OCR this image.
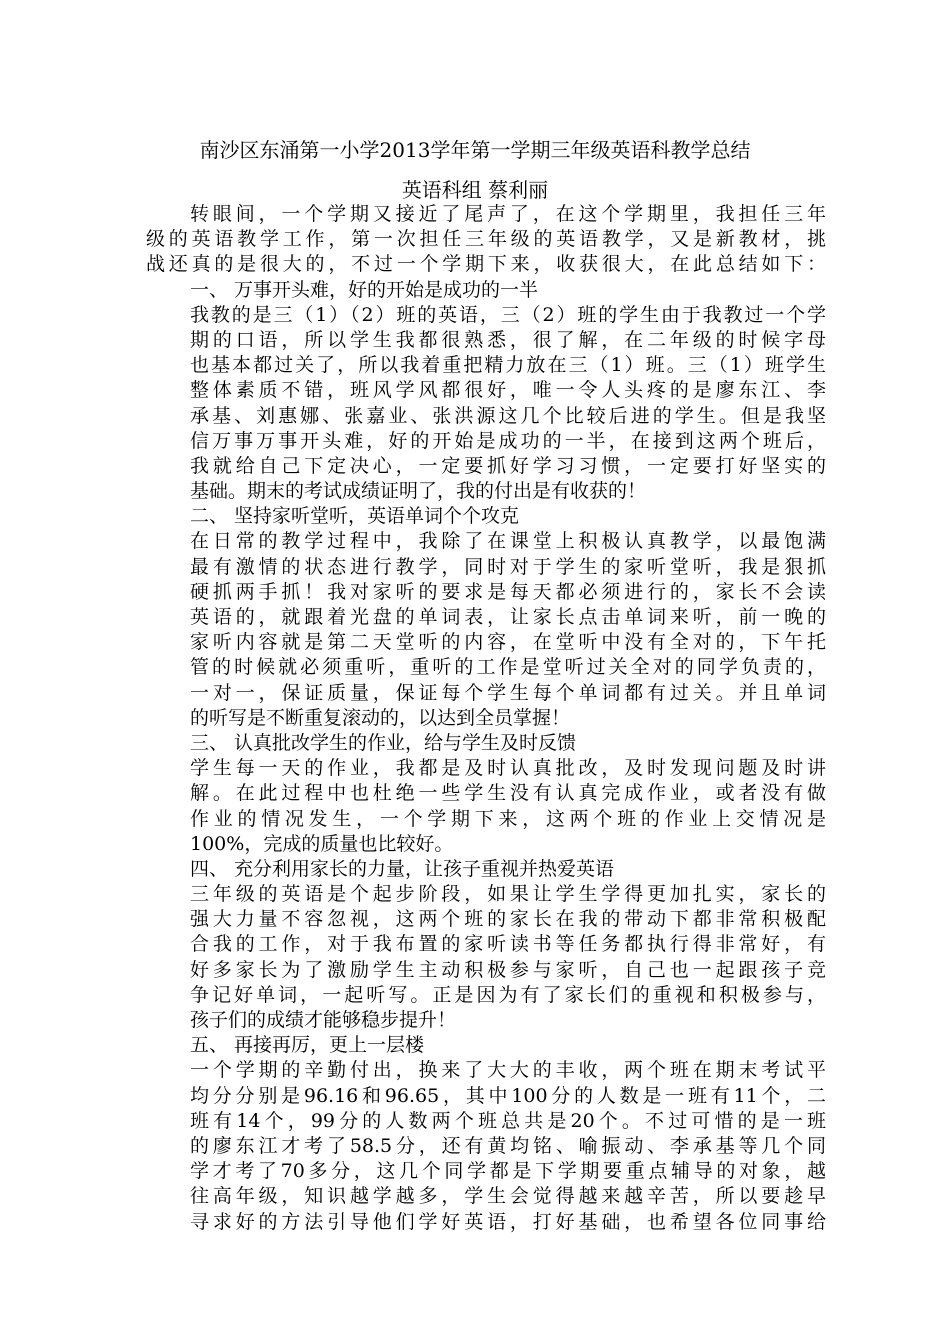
南沙区东涌第一小学2013学年第一学期三年级英语科教学总结
英语科组 蔡利丽
转眼间，一个学期又接近了尾声了，在这个学期里，我担任三年
级的英语教学工作，第一次担任三年级的英语教学，又是新教材，挑
战还真的是很大的，不过一个学期下来，收获很大，在此总结如下：
一、 万事开头难，好的开始是成功的一半
我教的是三（1）（2）班的英语，三（2）班的学生由于我教过一个学
期的口语，所以学生我都很熟悉，很了解，在二年级的时候字母
也基本都过关了，所以我着重把精力放在三（1）班。三（1）班学生
整体素质不错，班风学风都很好，唯一令人头疼的是廖东江、李
承基、刘惠娜、张嘉业、张洪源这几个比较后进的学生。但是我坚
信万事万事开头难，好的开始是成功的一半，在接到这两个班后，
我就给自己下定决心，一定要抓好学习习惯，一定要打好坚实的
基础。期末的考试成绩证明了，我的付出是有收获的！
二、 坚持家听堂听，英语单词个个攻克
在日常的教学过程中，我除了在课堂上积极认真教学，以最饱满
最有激情的状态进行教学，同时对于学生的家听堂听，我是狠抓
硬抓两手抓！我对家听的要求是每天都必须进行的，家长不会读
英语的，就跟着光盘的单词表，让家长点击单词来听，前一晚的
家听内容就是第二天堂听的内容，在堂听中没有全对的，下午托
管的时候就必须重听，重听的工作是堂听过关全对的同学负责的，
一对一，保证质量，保证每个学生每个单词都有过关。并且单词
的听写是不断重复滚动的，以达到全员掌握！
三、 认真批改学生的作业，给与学生及时反馈
学生每一天的作业，我都是及时认真批改，及时发现问题及时讲
解。在此过程中也杜绝一些学生没有认真完成作业，或者没有做
作业的情况发生，一个学期下来，这两个班的作业上交情况是
100%，完成的质量也比较好。
四、 充分利用家长的力量，让孩子重视并热爱英语
三年级的英语是个起步阶段，如果让学生学得更加扎实，家长的
强大力量不容忽视，这两个班的家长在我的带动下都非常积极配
合我的工作，对于我布置的家听读书等任务都执行得非常好，有
好多家长为了激励学生主动积极参与家听，自己也一起跟孩子竞
争记好单词，一起听写。正是因为有了家长们的重视和积极参与，
孩子们的成绩才能够稳步提升！
五、 再接再厉，更上一层楼
一个学期的辛勤付出，换来了大大的丰收，两个班在期末考试平
均分分别是96.16和96.65，其中100分的人数是一班有11个，二
班有14个，99分的人数两个班总共是20个。不过可惜的是一班
的廖东江才考了58.5分，还有黄均铭、喻振动、李承基等几个同
学才考了70多分，这几个同学都是下学期要重点辅导的对象，越
往高年级，知识越学越多，学生会觉得越来越辛苦，所以要趁早
寻求好的方法引导他们学好英语，打好基础，也希望各位同事给
